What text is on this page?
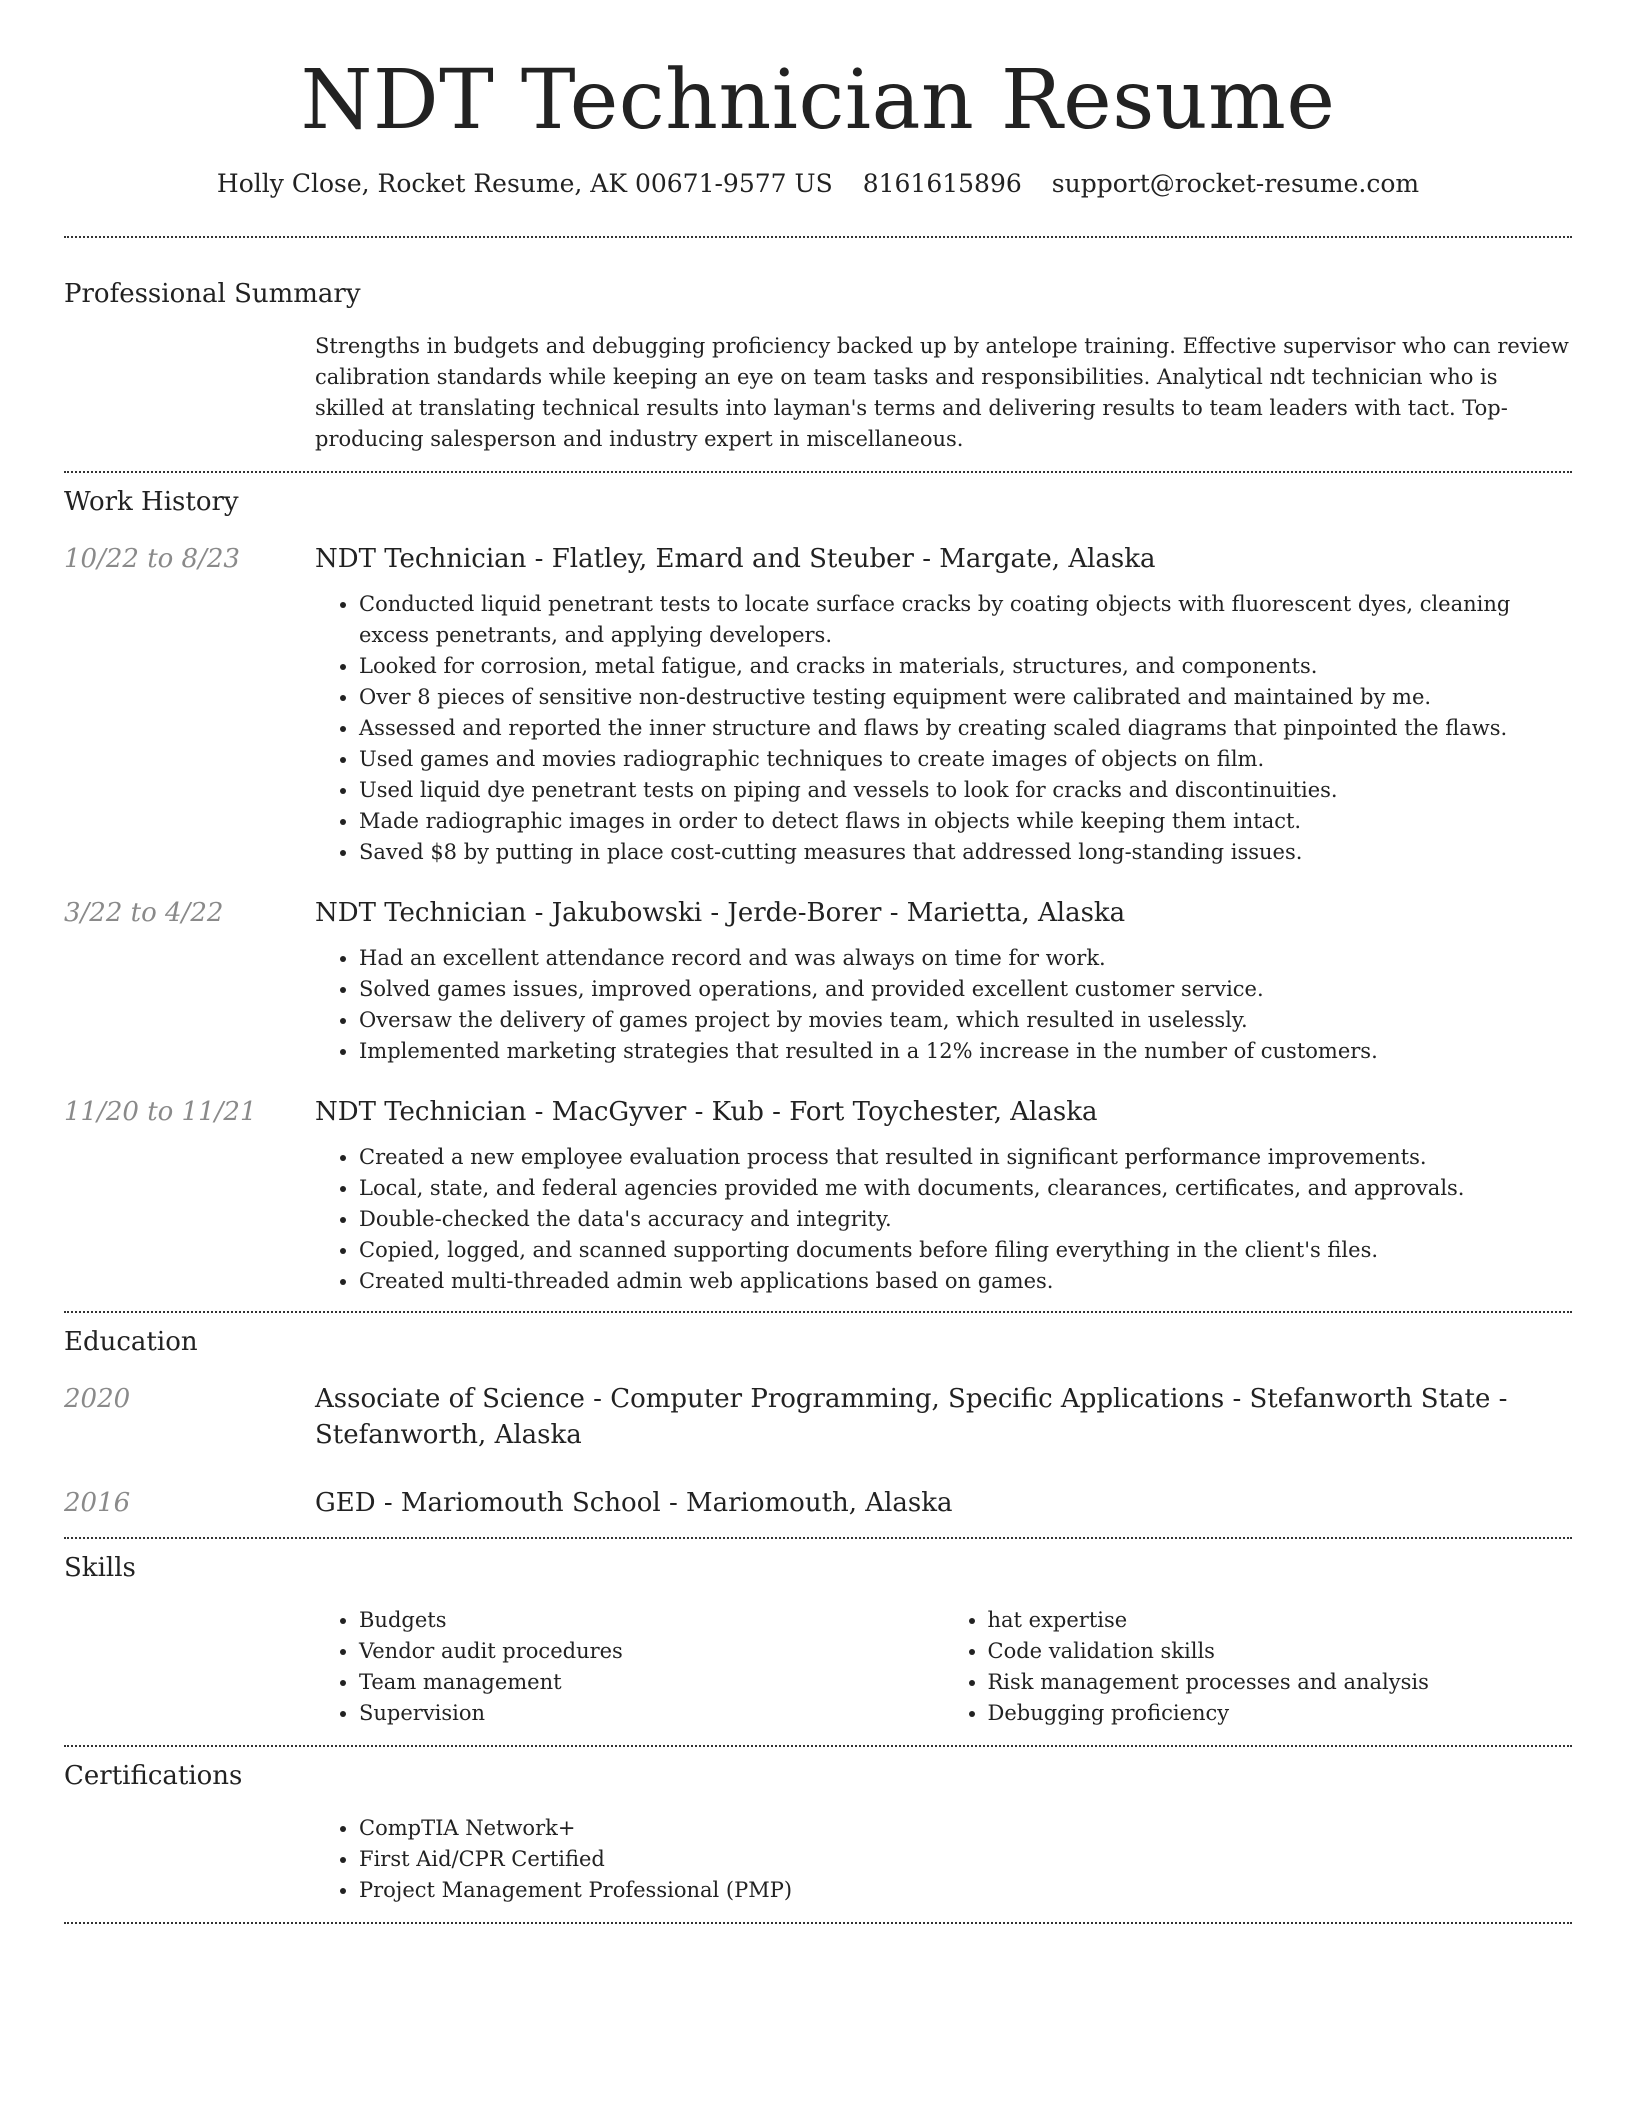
NDT Technician Resume
Holly Close, Rocket Resume, AK 00671-9577 US 8161615896 support@rocket-resume.com
Professional Summary
Strengths in budgets and debugging proficiency backed up by antelope training. Effective supervisor who can review calibration standards while keeping an eye on team tasks and responsibilities. Analytical ndt technician who is skilled at translating technical results into layman's terms and delivering results to team leaders with tact. Top-producing salesperson and industry expert in miscellaneous.
Work History
10/22 to 8/23	NDT Technician - Flatley, Emard and Steuber - Margate, Alaska
• Conducted liquid penetrant tests to locate surface cracks by coating objects with fluorescent dyes, cleaning excess penetrants, and applying developers.
• Looked for corrosion, metal fatigue, and cracks in materials, structures, and components.
• Over 8 pieces of sensitive non-destructive testing equipment were calibrated and maintained by me.
• Assessed and reported the inner structure and flaws by creating scaled diagrams that pinpointed the flaws.
• Used games and movies radiographic techniques to create images of objects on film.
• Used liquid dye penetrant tests on piping and vessels to look for cracks and discontinuities.
• Made radiographic images in order to detect flaws in objects while keeping them intact.
• Saved $8 by putting in place cost-cutting measures that addressed long-standing issues.
3/22 to 4/22	NDT Technician - Jakubowski - Jerde-Borer - Marietta, Alaska
• Had an excellent attendance record and was always on time for work.
• Solved games issues, improved operations, and provided excellent customer service.
• Oversaw the delivery of games project by movies team, which resulted in uselessly.
• Implemented marketing strategies that resulted in a 12% increase in the number of customers.
11/20 to 11/21	NDT Technician - MacGyver - Kub - Fort Toychester, Alaska
• Created a new employee evaluation process that resulted in significant performance improvements.
• Local, state, and federal agencies provided me with documents, clearances, certificates, and approvals.
• Double-checked the data's accuracy and integrity.
• Copied, logged, and scanned supporting documents before filing everything in the client's files.
• Created multi-threaded admin web applications based on games.
Education
2020	Associate of Science - Computer Programming, Specific Applications - Stefanworth State - Stefanworth, Alaska
2016	GED - Mariomouth School - Mariomouth, Alaska
Skills
• Budgets
• Vendor audit procedures
• Team management
• Supervision
• hat expertise
• Code validation skills
• Risk management processes and analysis
• Debugging proficiency
Certifications
• CompTIA Network+
• First Aid/CPR Certified
• Project Management Professional (PMP)
